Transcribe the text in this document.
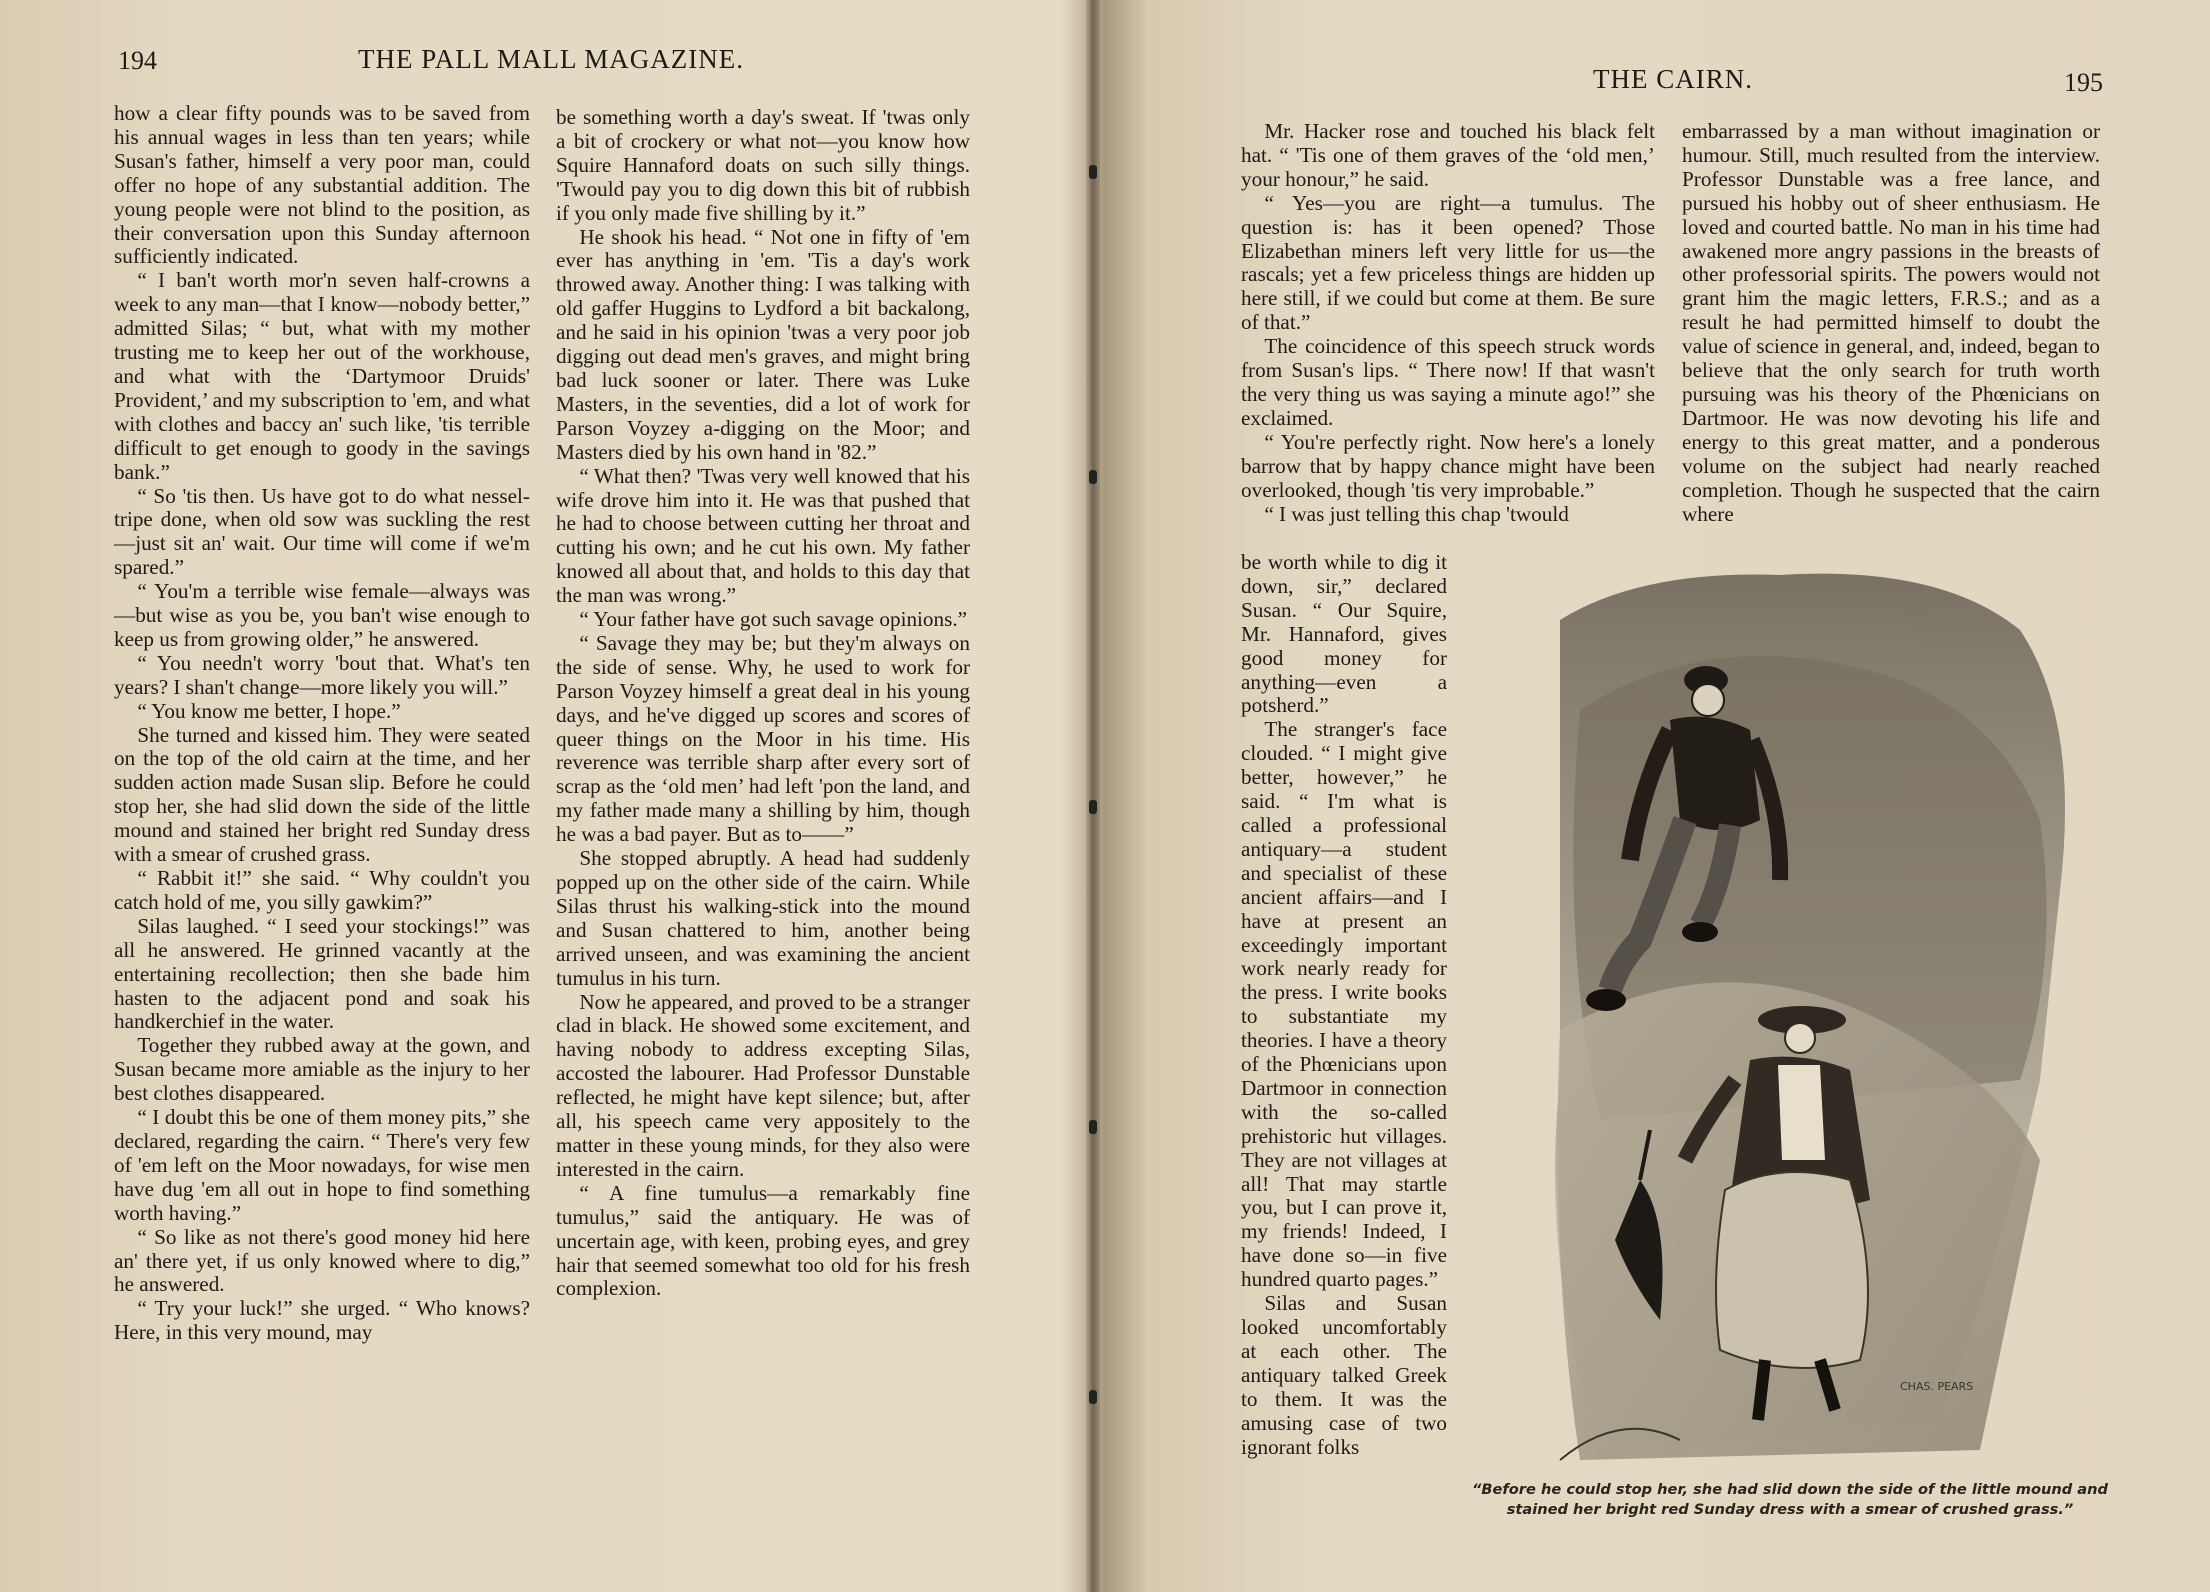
194	THE PALL MALL MAGAZINE.

how a clear fifty pounds was to be saved from his annual wages in less than ten years; while Susan's father, himself a very poor man, could offer no hope of any substantial addition. The young people were not blind to the position, as their conversation upon this Sunday afternoon sufficiently indicated.

“ I ban't worth mor'n seven half-crowns a week to any man—that I know—nobody better,” admitted Silas; “ but, what with my mother trusting me to keep her out of the workhouse, and what with the ‘Dartymoor Druids' Provident,’ and my subscription to 'em, and what with clothes and baccy an' such like, 'tis terrible difficult to get enough to goody in the savings bank.”

“ So 'tis then. Us have got to do what nessel-tripe done, when old sow was suckling the rest—just sit an' wait. Our time will come if we'm spared.”

“ You'm a terrible wise female—always was—but wise as you be, you ban't wise enough to keep us from growing older,” he answered.

“ You needn't worry 'bout that. What's ten years? I shan't change—more likely you will.”

“ You know me better, I hope.”

She turned and kissed him. They were seated on the top of the old cairn at the time, and her sudden action made Susan slip. Before he could stop her, she had slid down the side of the little mound and stained her bright red Sunday dress with a smear of crushed grass.

“ Rabbit it!” she said. “ Why couldn't you catch hold of me, you silly gawkim?”

Silas laughed. “ I seed your stockings!” was all he answered. He grinned vacantly at the entertaining recollection; then she bade him hasten to the adjacent pond and soak his handkerchief in the water.

Together they rubbed away at the gown, and Susan became more amiable as the injury to her best clothes disappeared.

“ I doubt this be one of them money pits,” she declared, regarding the cairn. “ There's very few of 'em left on the Moor nowadays, for wise men have dug 'em all out in hope to find something worth having.”

“ So like as not there's good money hid here an' there yet, if us only knowed where to dig,” he answered.

“ Try your luck!” she urged. “ Who knows? Here, in this very mound, may

be something worth a day's sweat. If 'twas only a bit of crockery or what not—you know how Squire Hannaford doats on such silly things. 'Twould pay you to dig down this bit of rubbish if you only made five shilling by it.”

He shook his head. “ Not one in fifty of 'em ever has anything in 'em. 'Tis a day's work throwed away. Another thing: I was talking with old gaffer Huggins to Lydford a bit backalong, and he said in his opinion 'twas a very poor job digging out dead men's graves, and might bring bad luck sooner or later. There was Luke Masters, in the seventies, did a lot of work for Parson Voyzey a-digging on the Moor; and Masters died by his own hand in '82.”

“ What then? 'Twas very well knowed that his wife drove him into it. He was that pushed that he had to choose between cutting her throat and cutting his own; and he cut his own. My father knowed all about that, and holds to this day that the man was wrong.”

“ Your father have got such savage opinions.”

“ Savage they may be; but they'm always on the side of sense. Why, he used to work for Parson Voyzey himself a great deal in his young days, and he've digged up scores and scores of queer things on the Moor in his time. His reverence was terrible sharp after every sort of scrap as the ‘old men’ had left 'pon the land, and my father made many a shilling by him, though he was a bad payer. But as to——”

She stopped abruptly. A head had suddenly popped up on the other side of the cairn. While Silas thrust his walking-stick into the mound and Susan chattered to him, another being arrived unseen, and was examining the ancient tumulus in his turn.

Now he appeared, and proved to be a stranger clad in black. He showed some excitement, and having nobody to address excepting Silas, accosted the labourer. Had Professor Dunstable reflected, he might have kept silence; but, after all, his speech came very appositely to the matter in these young minds, for they also were interested in the cairn.

“ A fine tumulus—a remarkably fine tumulus,” said the antiquary. He was of uncertain age, with keen, probing eyes, and grey hair that seemed somewhat too old for his fresh complexion.

THE CAIRN.	195

Mr. Hacker rose and touched his black felt hat. “ 'Tis one of them graves of the ‘old men,’ your honour,” he said.

“ Yes—you are right—a tumulus. The question is: has it been opened? Those Elizabethan miners left very little for us—the rascals; yet a few priceless things are hidden up here still, if we could but come at them. Be sure of that.”

The coincidence of this speech struck words from Susan's lips. “ There now! If that wasn't the very thing us was saying a minute ago!” she exclaimed.

“ You're perfectly right. Now here's a lonely barrow that by happy chance might have been overlooked, though 'tis very improbable.”

“ I was just telling this chap 'twould

be worth while to dig it down, sir,” declared Susan. “ Our Squire, Mr. Hannaford, gives good money for anything—even a potsherd.”

The stranger's face clouded. “ I might give better, however,” he said. “ I'm what is called a professional antiquary—a student and specialist of these ancient affairs—and I have at present an exceedingly important work nearly ready for the press. I write books to substantiate my theories. I have a theory of the Phœnicians upon Dartmoor in connection with the so-called prehistoric hut villages. They are not villages at all! That may startle you, but I can prove it, my friends! Indeed, I have done so—in five hundred quarto pages.”

Silas and Susan looked uncomfortably at each other. The antiquary talked Greek to them. It was the amusing case of two ignorant folks

embarrassed by a man without imagination or humour. Still, much resulted from the interview. Professor Dunstable was a free lance, and pursued his hobby out of sheer enthusiasm. He loved and courted battle. No man in his time had awakened more angry passions in the breasts of other professorial spirits. The powers would not grant him the magic letters, F.R.S.; and as a result he had permitted himself to doubt the value of science in general, and, indeed, began to believe that the only search for truth worth pursuing was his theory of the Phœnicians on Dartmoor. He was now devoting his life and energy to this great matter, and a ponderous volume on the subject had nearly reached completion. Though he suspected that the cairn where

CHAS. PEARS
“Before he could stop her, she had slid down the side of the little mound and stained her bright red Sunday dress with a smear of crushed grass.”
